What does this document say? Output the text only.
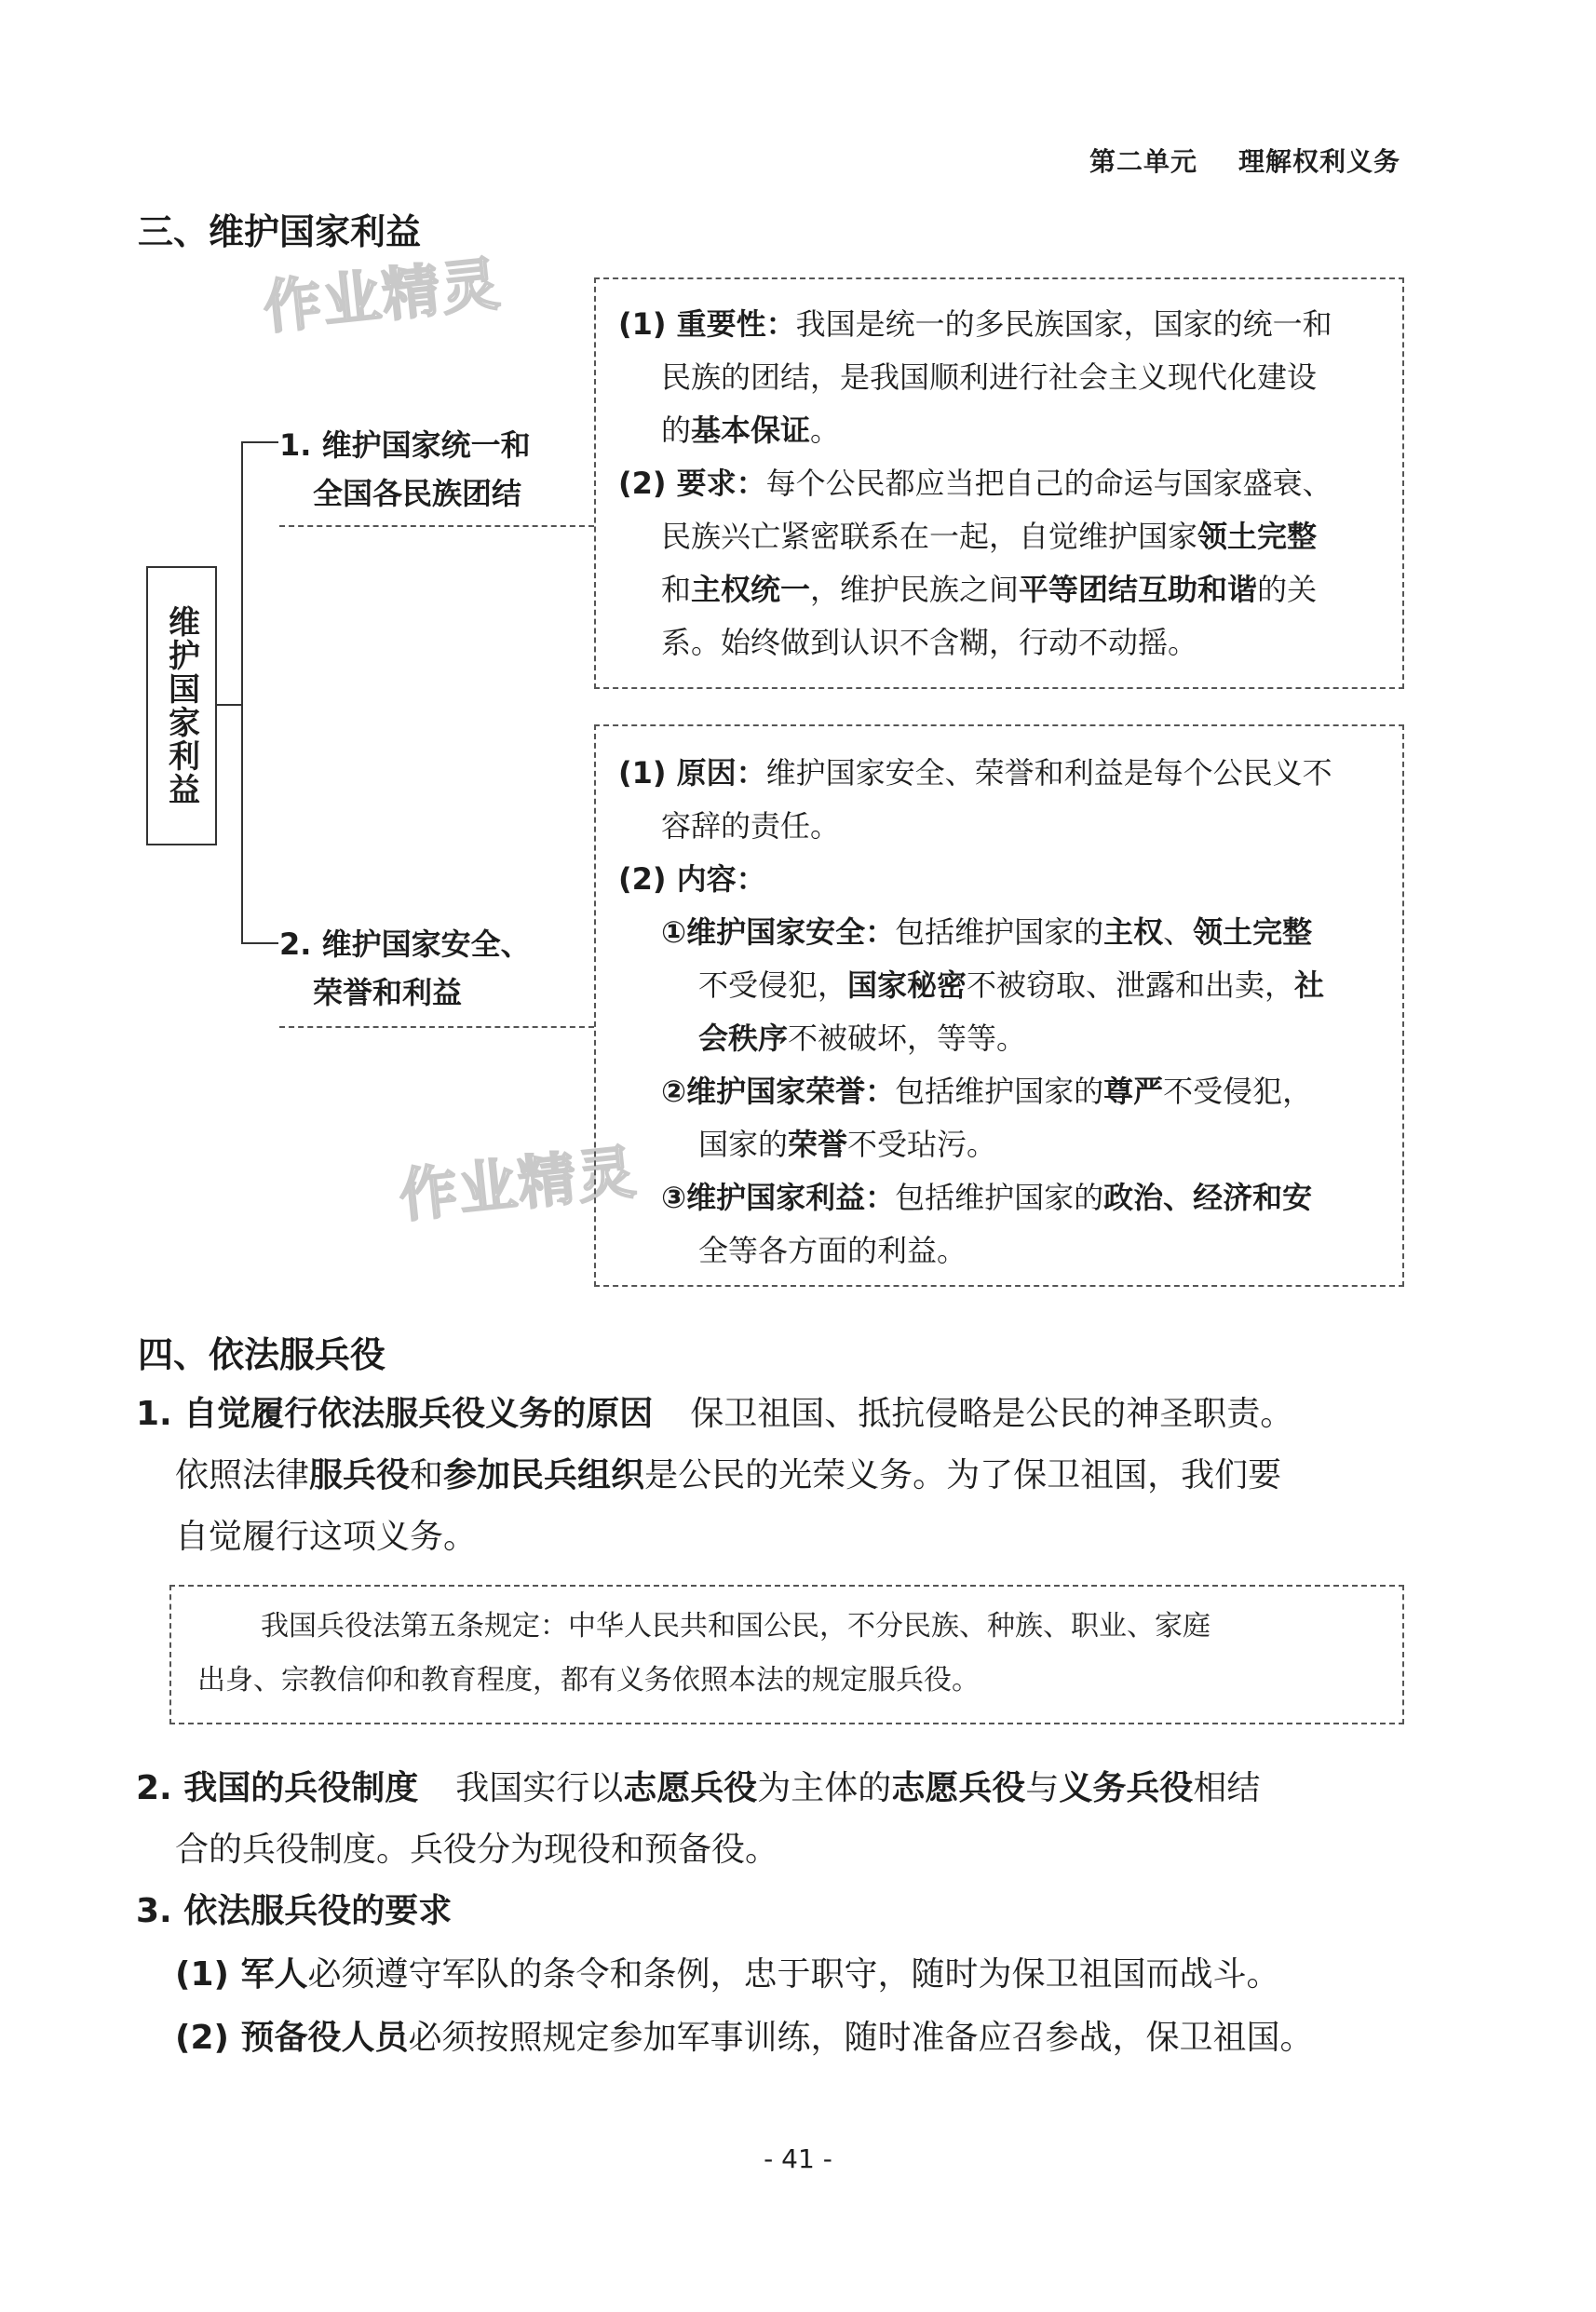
第二单元 理解权利义务
三、维护国家利益
作业精灵
作业精灵
维护国家利益
1. 维护国家统一和
全国各民族团结
2. 维护国家安全、
荣誉和利益
(1) 重要性：我国是统一的多民族国家，国家的统一和
民族的团结，是我国顺利进行社会主义现代化建设
的基本保证。
(2) 要求：每个公民都应当把自己的命运与国家盛衰、
民族兴亡紧密联系在一起，自觉维护国家领土完整
和主权统一，维护民族之间平等团结互助和谐的关
系。始终做到认识不含糊，行动不动摇。
(1) 原因：维护国家安全、荣誉和利益是每个公民义不
容辞的责任。
(2) 内容：
①维护国家安全：包括维护国家的主权、领土完整
不受侵犯，国家秘密不被窃取、泄露和出卖，社
会秩序不被破坏，等等。
②维护国家荣誉：包括维护国家的尊严不受侵犯，
国家的荣誉不受玷污。
③维护国家利益：包括维护国家的政治、经济和安
全等各方面的利益。
四、依法服兵役
1. 自觉履行依法服兵役义务的原因 保卫祖国、抵抗侵略是公民的神圣职责。
依照法律服兵役和参加民兵组织是公民的光荣义务。为了保卫祖国，我们要
自觉履行这项义务。
我国兵役法第五条规定：中华人民共和国公民，不分民族、种族、职业、家庭
出身、宗教信仰和教育程度，都有义务依照本法的规定服兵役。
2. 我国的兵役制度 我国实行以志愿兵役为主体的志愿兵役与义务兵役相结
合的兵役制度。兵役分为现役和预备役。
3. 依法服兵役的要求
(1) 军人必须遵守军队的条令和条例，忠于职守，随时为保卫祖国而战斗。
(2) 预备役人员必须按照规定参加军事训练，随时准备应召参战，保卫祖国。
- 41 -
